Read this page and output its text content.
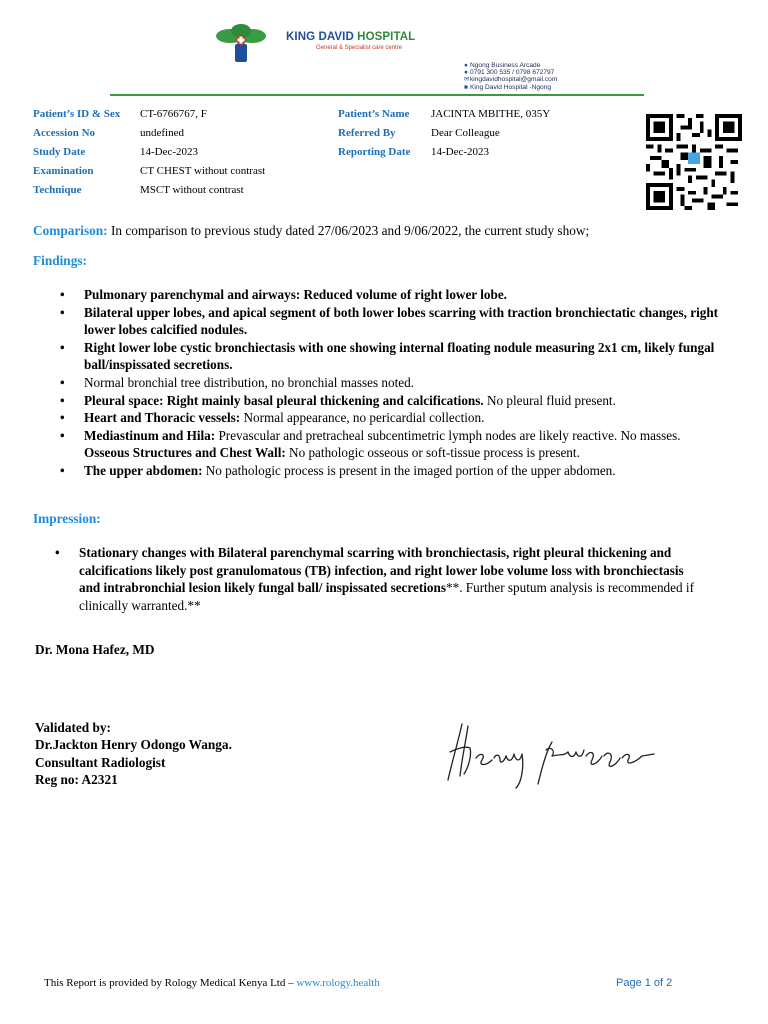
KING DAVID HOSPITAL
General & Specialist care centre
● Ngong Business Arcade
● 0791 300 535 / 0798 672797
✉kingdavidhospital@gmail.com
■ King David Hospital -Ngong
Patient’s ID & Sex CT-6766767, F
Accession No	undefined
Study Date	14-Dec-2023
Examination	CT CHEST without contrast
Technique	MSCT without contrast
Patient’s Name JACINTA MBITHE, 035Y
Referred By	Dear Colleague
Reporting Date 14-Dec-2023
Comparison: In comparison to previous study dated 27/06/2023 and 9/06/2022, the current study show;
Findings:
• Pulmonary parenchymal and airways: Reduced volume of right lower lobe.
• Bilateral upper lobes, and apical segment of both lower lobes scarring with traction bronchiectatic changes, right lower lobes calcified nodules.
• Right lower lobe cystic bronchiectasis with one showing internal floating nodule measuring 2x1 cm, likely fungal ball/inspissated secretions.
• Normal bronchial tree distribution, no bronchial masses noted.
• Pleural space: Right mainly basal pleural thickening and calcifications. No pleural fluid present.
• Heart and Thoracic vessels: Normal appearance, no pericardial collection.
• Mediastinum and Hila: Prevascular and pretracheal subcentimetric lymph nodes are likely reactive. No masses. Osseous Structures and Chest Wall: No pathologic osseous or soft-tissue process is present.
• The upper abdomen: No pathologic process is present in the imaged portion of the upper abdomen.
Impression:
• Stationary changes with Bilateral parenchymal scarring with bronchiectasis, right pleural thickening and calcifications likely post granulomatous (TB) infection, and right lower lobe volume loss with bronchiectasis and intrabronchial lesion likely fungal ball/ inspissated secretions**. Further sputum analysis is recommended if clinically warranted.**
Dr. Mona Hafez, MD
Validated by:
Dr.Jackton Henry Odongo Wanga.
Consultant Radiologist
Reg no: A2321
This Report is provided by Rology Medical Kenya Ltd – www.rology.health	Page 1 of 2
